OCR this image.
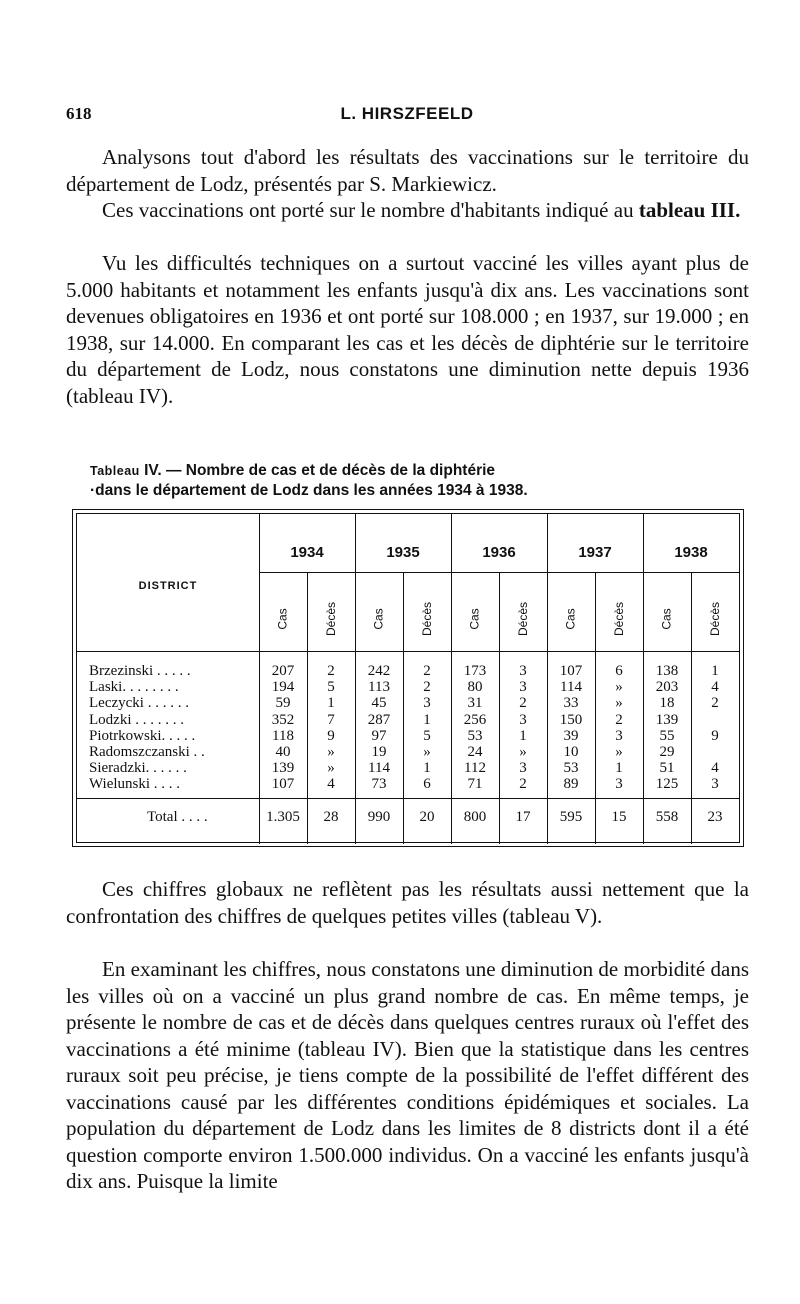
618	L. HIRSZFEELD

Analysons tout d'abord les résultats des vaccinations sur le territoire du département de Lodz, présentés par S. Markiewicz.

Ces vaccinations ont porté sur le nombre d'habitants indiqué au tableau III.

Vu les difficultés techniques on a surtout vacciné les villes ayant plus de 5.000 habitants et notamment les enfants jusqu'à dix ans. Les vaccinations sont devenues obligatoires en 1936 et ont porté sur 108.000 ; en 1937, sur 19.000 ; en 1938, sur 14.000. En comparant les cas et les décès de diphtérie sur le territoire du département de Lodz, nous constatons une diminution nette depuis 1936 (tableau IV).

Tableau IV. — Nombre de cas et de décès de la diphtérie
·dans le département de Lodz dans les années 1934 à 1938.
DISTRICT
1934	1935	1936	1937	1938
Cas	Décès	Cas	Décès	Cas	Décès	Cas	Décès	Cas	Décès
Brzezinski . . . . .	207	2	242	2	173	3	107	6	138	1
Laski. . . . . . . .	194	5	113	2	80	3	114	»	203	4
Leczycki . . . . . .	59	1	45	3	31	2	33	»	18	2
Lodzki . . . . . . .	352	7	287	1	256	3	150	2	139
Piotrkowski. . . . .	118	9	97	5	53	1	39	3	55	9
Radomszczanski . .	40	»	19	»	24	»	10	»	29
Sieradzki. . . . . .	139	»	114	1	112	3	53	1	51	4
Wielunski . . . .	107	4	73	6	71	2	89	3	125	3
Total . . . .	1.305	28	990	20	800	17	595	15	558	23

Ces chiffres globaux ne reflètent pas les résultats aussi nettement que la confrontation des chiffres de quelques petites villes (tableau V).

En examinant les chiffres, nous constatons une diminution de morbidité dans les villes où on a vacciné un plus grand nombre de cas. En même temps, je présente le nombre de cas et de décès dans quelques centres ruraux où l'effet des vaccinations a été minime (tableau IV). Bien que la statistique dans les centres ruraux soit peu précise, je tiens compte de la possibilité de l'effet différent des vaccinations causé par les différentes conditions épidémiques et sociales. La population du département de Lodz dans les limites de 8 districts dont il a été question comporte environ 1.500.000 individus. On a vacciné les enfants jusqu'à dix ans. Puisque la limite
